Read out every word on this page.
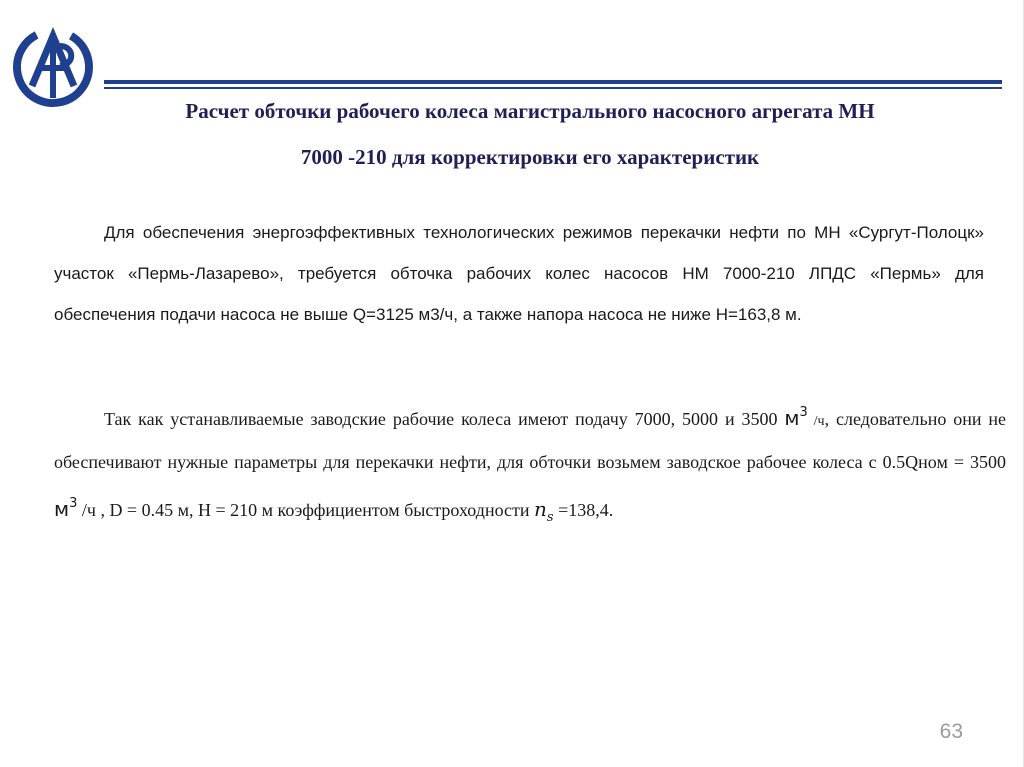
Расчет обточки рабочего колеса магистрального насосного агрегата МН
7000 -210 для корректировки его характеристик

Для обеспечения энергоэффективных технологических режимов перекачки нефти по МН «Сургут-Полоцк» участок «Пермь-Лазарево», требуется обточка рабочих колес насосов НМ 7000-210 ЛПДС «Пермь» для обеспечения подачи насоса не выше Q=3125 м3/ч, а также напора насоса не ниже Н=163,8 м.

Так как устанавливаемые заводские рабочие колеса имеют подачу 7000, 5000 и 3500 $м^3$ /ч, следовательно они не обеспечивают нужные параметры для перекачки нефти, для обточки возьмем заводское рабочее колеса с 0.5Qном = 3500 $м^3$ /ч , D = 0.45 м, H = 210 м коэффициентом быстроходности $n_s =138,4$.

63
